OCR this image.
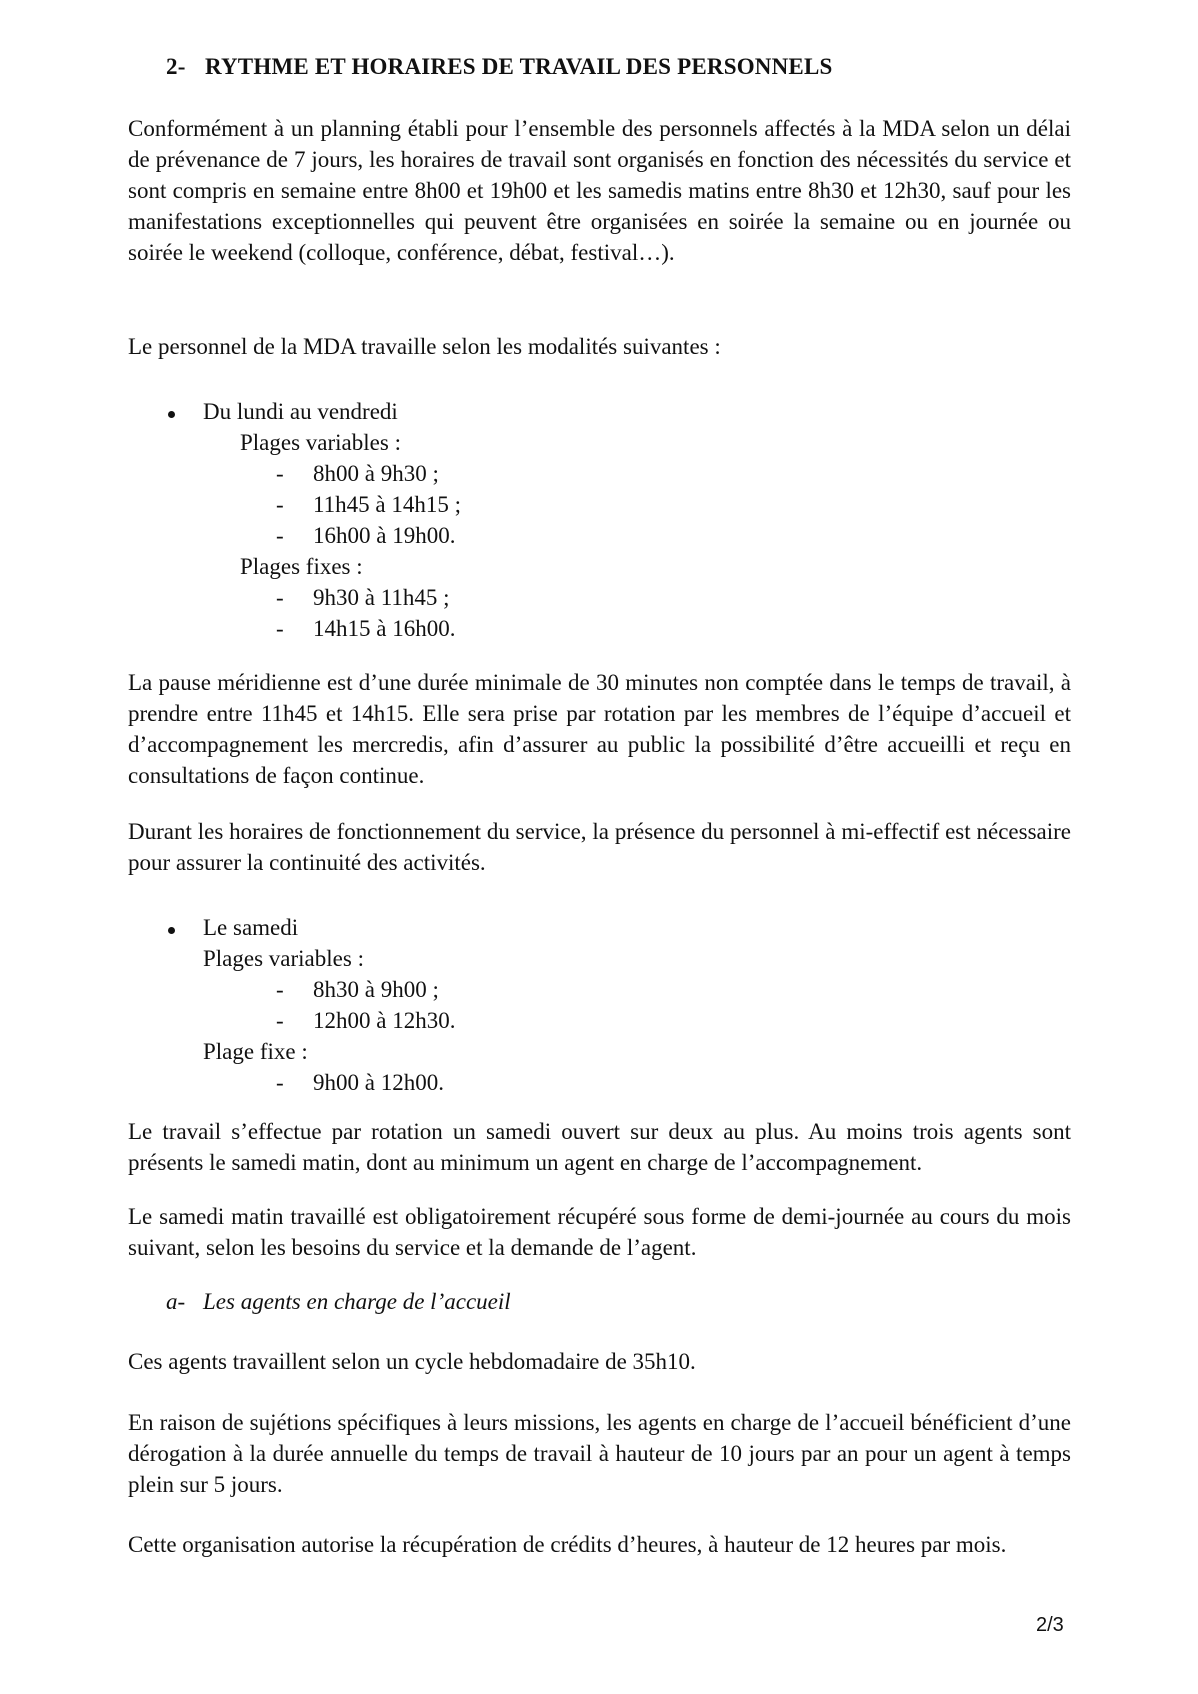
2- RYTHME ET HORAIRES DE TRAVAIL DES PERSONNELS

Conformément à un planning établi pour l’ensemble des personnels affectés à la MDA selon un délai de prévenance de 7 jours, les horaires de travail sont organisés en fonction des nécessités du service et sont compris en semaine entre 8h00 et 19h00 et les samedis matins entre 8h30 et 12h30, sauf pour les manifestations exceptionnelles qui peuvent être organisées en soirée la semaine ou en journée ou soirée le weekend (colloque, conférence, débat, festival…).

Le personnel de la MDA travaille selon les modalités suivantes :

Du lundi au vendredi
Plages variables :
- 8h00 à 9h30 ;
- 11h45 à 14h15 ;
- 16h00 à 19h00.
Plages fixes :
- 9h30 à 11h45 ;
- 14h15 à 16h00.

La pause méridienne est d’une durée minimale de 30 minutes non comptée dans le temps de travail, à prendre entre 11h45 et 14h15. Elle sera prise par rotation par les membres de l’équipe d’accueil et d’accompagnement les mercredis, afin d’assurer au public la possibilité d’être accueilli et reçu en consultations de façon continue.

Durant les horaires de fonctionnement du service, la présence du personnel à mi-effectif est nécessaire pour assurer la continuité des activités.

Le samedi
Plages variables :
- 8h30 à 9h00 ;
- 12h00 à 12h30.
Plage fixe :
- 9h00 à 12h00.

Le travail s’effectue par rotation un samedi ouvert sur deux au plus. Au moins trois agents sont présents le samedi matin, dont au minimum un agent en charge de l’accompagnement.

Le samedi matin travaillé est obligatoirement récupéré sous forme de demi-journée au cours du mois suivant, selon les besoins du service et la demande de l’agent.

a- Les agents en charge de l’accueil

Ces agents travaillent selon un cycle hebdomadaire de 35h10.

En raison de sujétions spécifiques à leurs missions, les agents en charge de l’accueil bénéficient d’une dérogation à la durée annuelle du temps de travail à hauteur de 10 jours par an pour un agent à temps plein sur 5 jours.

Cette organisation autorise la récupération de crédits d’heures, à hauteur de 12 heures par mois.

2/3
